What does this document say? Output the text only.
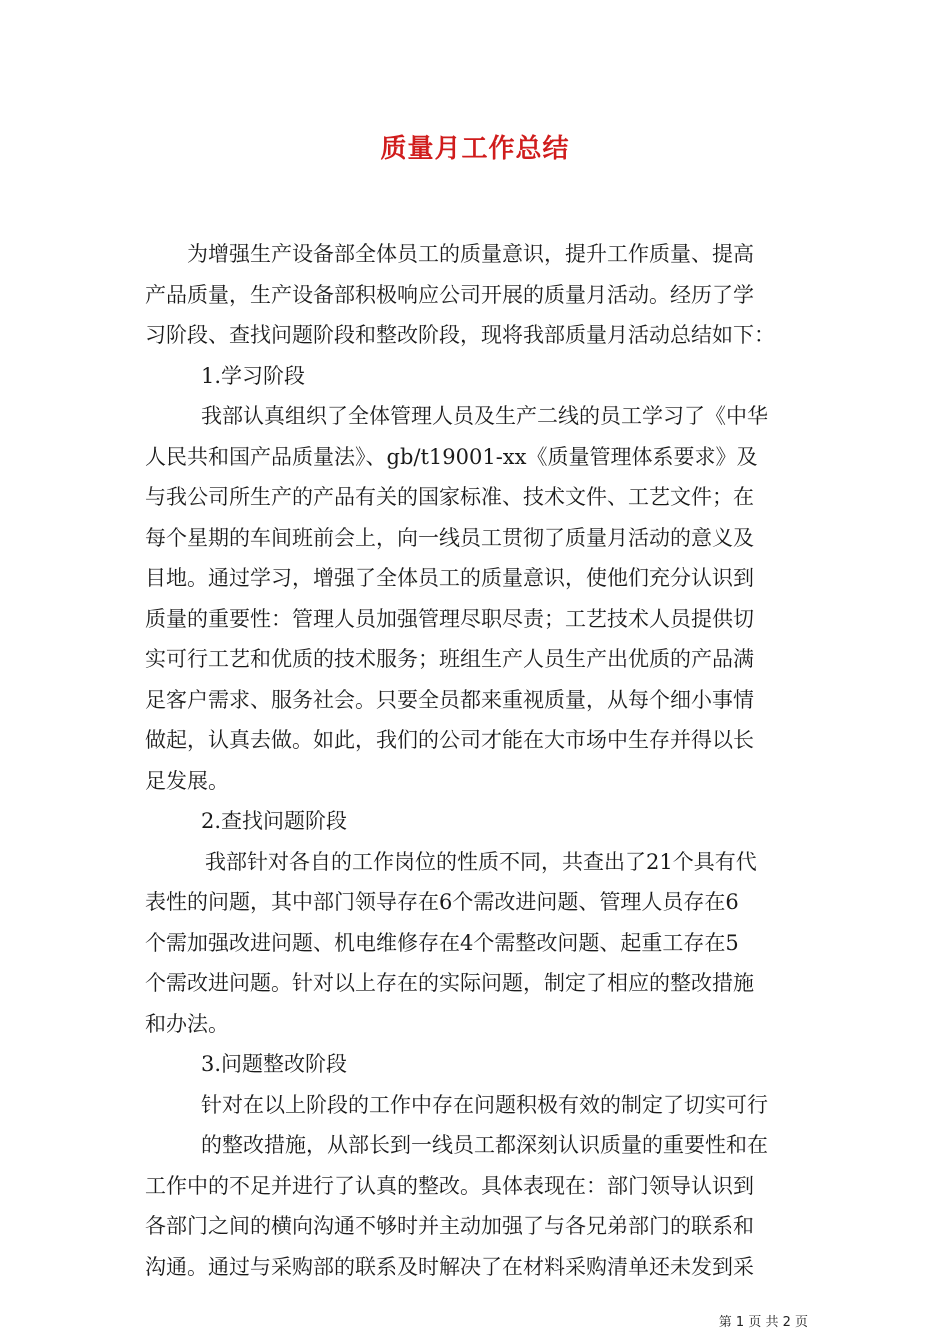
质量月工作总结
为增强生产设备部全体员工的质量意识，提升工作质量、提高
产品质量，生产设备部积极响应公司开展的质量月活动。经历了学
习阶段、查找问题阶段和整改阶段，现将我部质量月活动总结如下：
1.学习阶段
我部认真组织了全体管理人员及生产二线的员工学习了《中华
人民共和国产品质量法》、gb/t19001-xx《质量管理体系要求》及
与我公司所生产的产品有关的国家标准、技术文件、工艺文件；在
每个星期的车间班前会上，向一线员工贯彻了质量月活动的意义及
目地。通过学习，增强了全体员工的质量意识，使他们充分认识到
质量的重要性：管理人员加强管理尽职尽责；工艺技术人员提供切
实可行工艺和优质的技术服务；班组生产人员生产出优质的产品满
足客户需求、服务社会。只要全员都来重视质量，从每个细小事情
做起，认真去做。如此，我们的公司才能在大市场中生存并得以长
足发展。
2.查找问题阶段
我部针对各自的工作岗位的性质不同，共查出了21个具有代
表性的问题，其中部门领导存在6个需改进问题、管理人员存在6
个需加强改进问题、机电维修存在4个需整改问题、起重工存在5
个需改进问题。针对以上存在的实际问题，制定了相应的整改措施
和办法。
3.问题整改阶段
针对在以上阶段的工作中存在问题积极有效的制定了切实可行
的整改措施，从部长到一线员工都深刻认识质量的重要性和在
工作中的不足并进行了认真的整改。具体表现在：部门领导认识到
各部门之间的横向沟通不够时并主动加强了与各兄弟部门的联系和
沟通。通过与采购部的联系及时解决了在材料采购清单还未发到采
第 1 页 共 2 页
